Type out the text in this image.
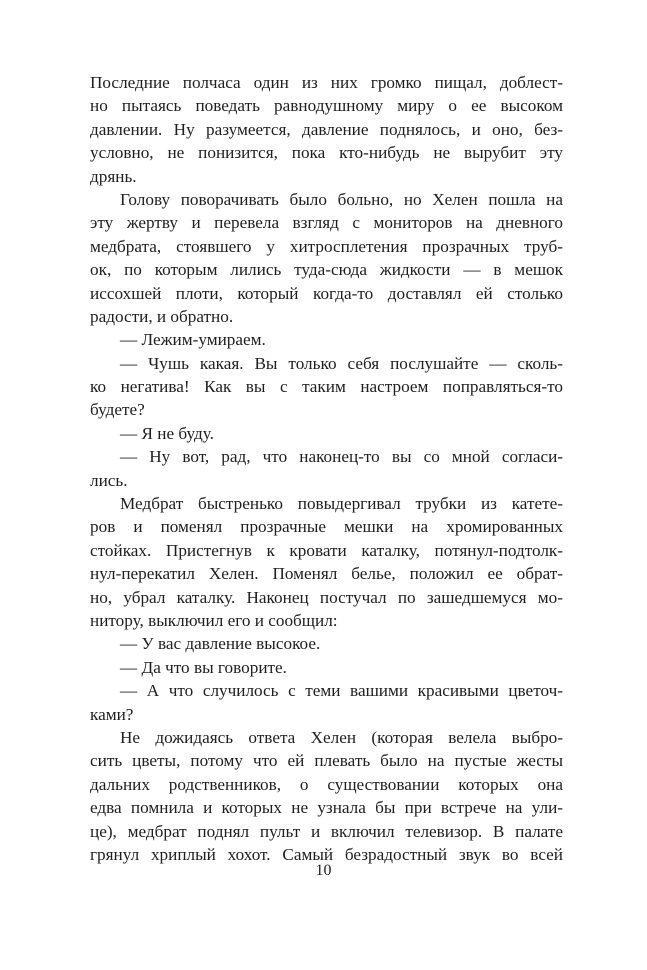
Последние полчаса один из них громко пищал, доблест-
но пытаясь поведать равнодушному миру о ее высоком
давлении. Ну разумеется, давление поднялось, и оно, без-
условно, не понизится, пока кто-нибудь не вырубит эту
дрянь.
Голову поворачивать было больно, но Хелен пошла на
эту жертву и перевела взгляд с мониторов на дневного
медбрата, стоявшего у хитросплетения прозрачных труб-
ок, по которым лились туда-сюда жидкости — в мешок
иссохшей плоти, который когда-то доставлял ей столько
радости, и обратно.
— Лежим-умираем.
— Чушь какая. Вы только себя послушайте — сколь-
ко негатива! Как вы с таким настроем поправляться-то
будете?
— Я не буду.
— Ну вот, рад, что наконец-то вы со мной согласи-
лись.
Медбрат быстренько повыдергивал трубки из катете-
ров и поменял прозрачные мешки на хромированных
стойках. Пристегнув к кровати каталку, потянул-подтолк-
нул-перекатил Хелен. Поменял белье, положил ее обрат-
но, убрал каталку. Наконец постучал по зашедшемуся мо-
нитору, выключил его и сообщил:
— У вас давление высокое.
— Да что вы говорите.
— А что случилось с теми вашими красивыми цветоч-
ками?
Не дожидаясь ответа Хелен (которая велела выбро-
сить цветы, потому что ей плевать было на пустые жесты
дальних родственников, о существовании которых она
едва помнила и которых не узнала бы при встрече на ули-
це), медбрат поднял пульт и включил телевизор. В палате
грянул хриплый хохот. Самый безрадостный звук во всей
10
